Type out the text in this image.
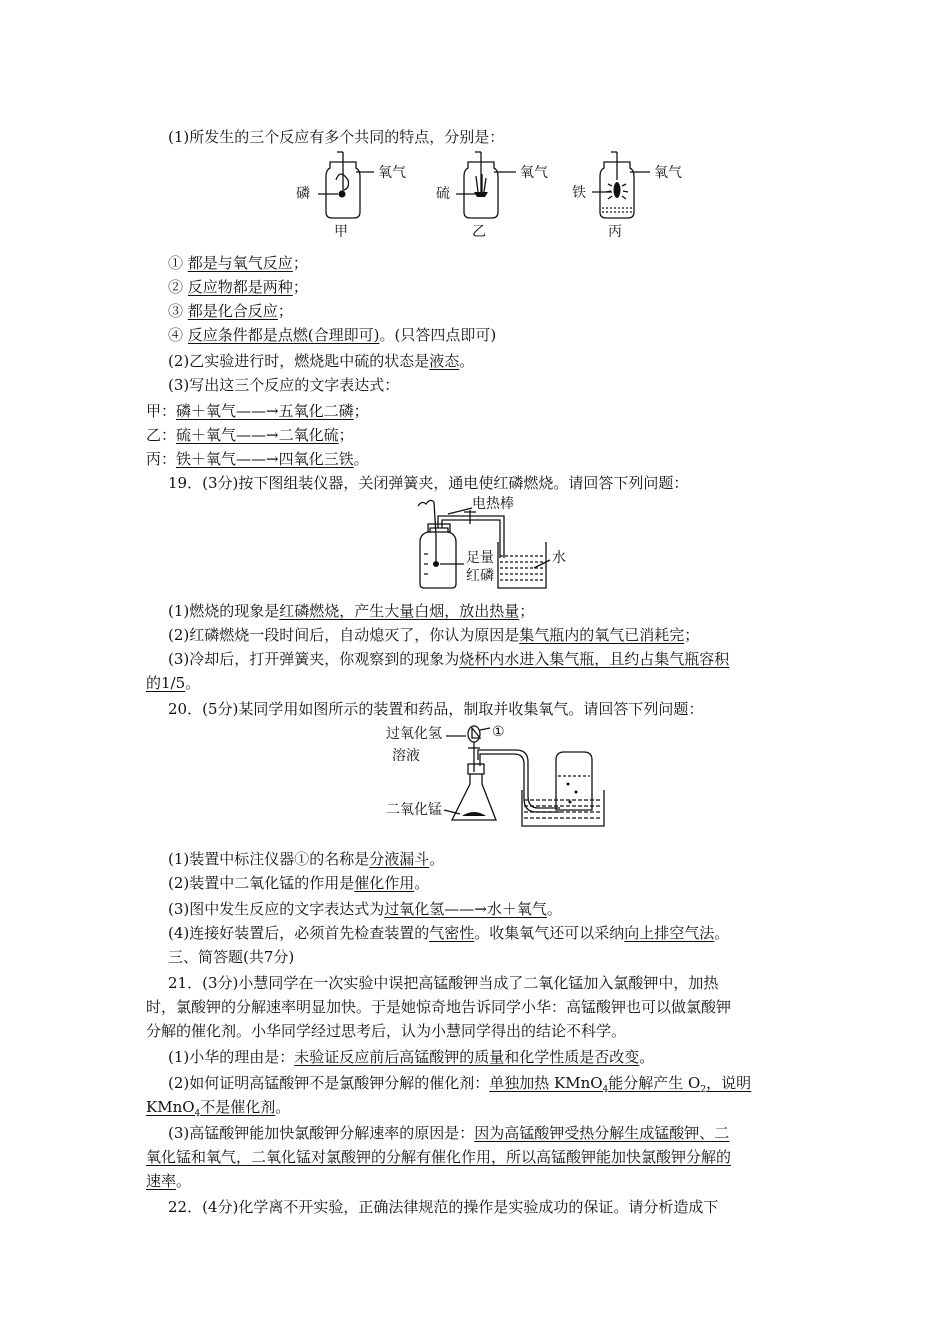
(1)所发生的三个反应有多个共同的特点，分别是：
磷
氧气
甲
硫
氧气
乙
铁
氧气
丙
① 都是与氧气反应；
② 反应物都是两种；
③ 都是化合反应；
④ 反应条件都是点燃(合理即可)。(只答四点即可)
(2)乙实验进行时，燃烧匙中硫的状态是液态。
(3)写出这三个反应的文字表达式：
甲：磷＋氧气——→五氧化二磷；
乙：硫＋氧气——→二氧化硫；
丙：铁＋氧气——→四氧化三铁。
19．(3分)按下图组装仪器，关闭弹簧夹，通电使红磷燃烧。请回答下列问题：
电热棒
足量
红磷
水
(1)燃烧的现象是红磷燃烧，产生大量白烟，放出热量；
(2)红磷燃烧一段时间后，自动熄灭了，你认为原因是集气瓶内的氧气已消耗完；
(3)冷却后，打开弹簧夹，你观察到的现象为烧杯内水进入集气瓶，且约占集气瓶容积
的1/5。
20．(5分)某同学用如图所示的装置和药品，制取并收集氧气。请回答下列问题：
过氧化氢
溶液
①
二氧化锰
(1)装置中标注仪器①的名称是分液漏斗。
(2)装置中二氧化锰的作用是催化作用。
(3)图中发生反应的文字表达式为过氧化氢——→水＋氧气。
(4)连接好装置后，必须首先检查装置的气密性。收集氧气还可以采纳向上排空气法。
三、简答题(共7分)
21．(3分)小慧同学在一次实验中误把高锰酸钾当成了二氧化锰加入氯酸钾中，加热
时，氯酸钾的分解速率明显加快。于是她惊奇地告诉同学小华：高锰酸钾也可以做氯酸钾
分解的催化剂。小华同学经过思考后，认为小慧同学得出的结论不科学。
(1)小华的理由是：未验证反应前后高锰酸钾的质量和化学性质是否改变。
(2)如何证明高锰酸钾不是氯酸钾分解的催化剂：单独加热 KMnO$_4$能分解产生 $O_2$，说明
KMnO$_4$不是催化剂。
(3)高锰酸钾能加快氯酸钾分解速率的原因是：因为高锰酸钾受热分解生成锰酸钾、二
氧化锰和氧气，二氧化锰对氯酸钾的分解有催化作用，所以高锰酸钾能加快氯酸钾分解的
速率。
22．(4分)化学离不开实验，正确法律规范的操作是实验成功的保证。请分析造成下
